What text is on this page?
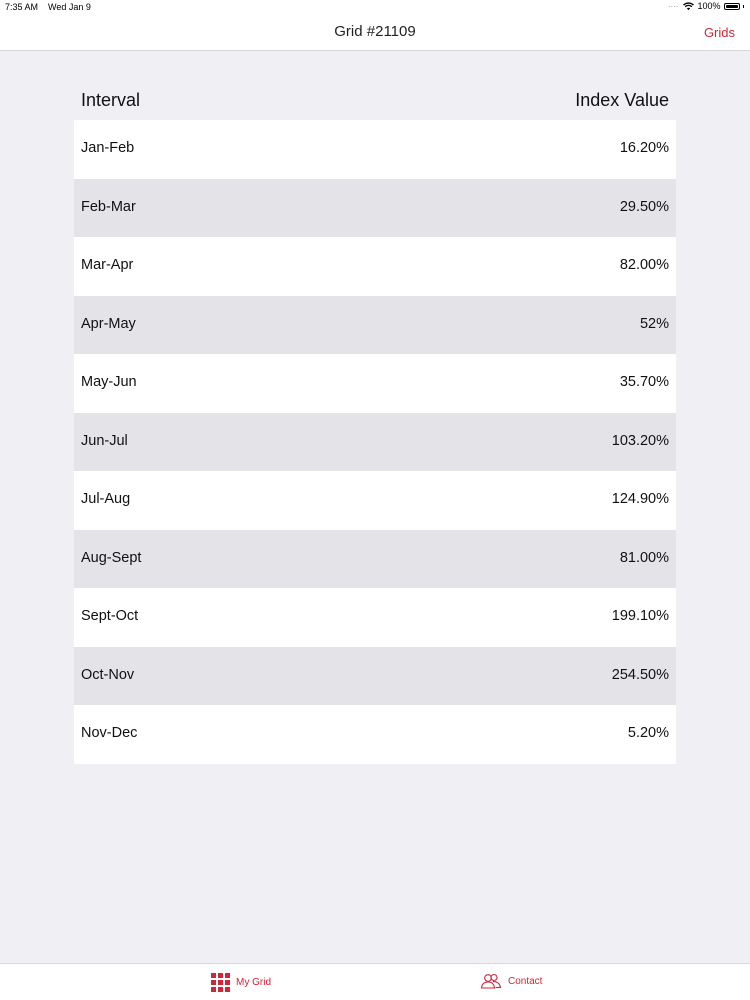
7:35 AM Wed Jan 9	···· 100%
Grid #21109	Grids
Interval	Index Value
Jan-Feb	16.20%
Feb-Mar	29.50%
Mar-Apr	82.00%
Apr-May	52%
May-Jun	35.70%
Jun-Jul	103.20%
Jul-Aug	124.90%
Aug-Sept	81.00%
Sept-Oct	199.10%
Oct-Nov	254.50%
Nov-Dec	5.20%
My Grid	Contact
